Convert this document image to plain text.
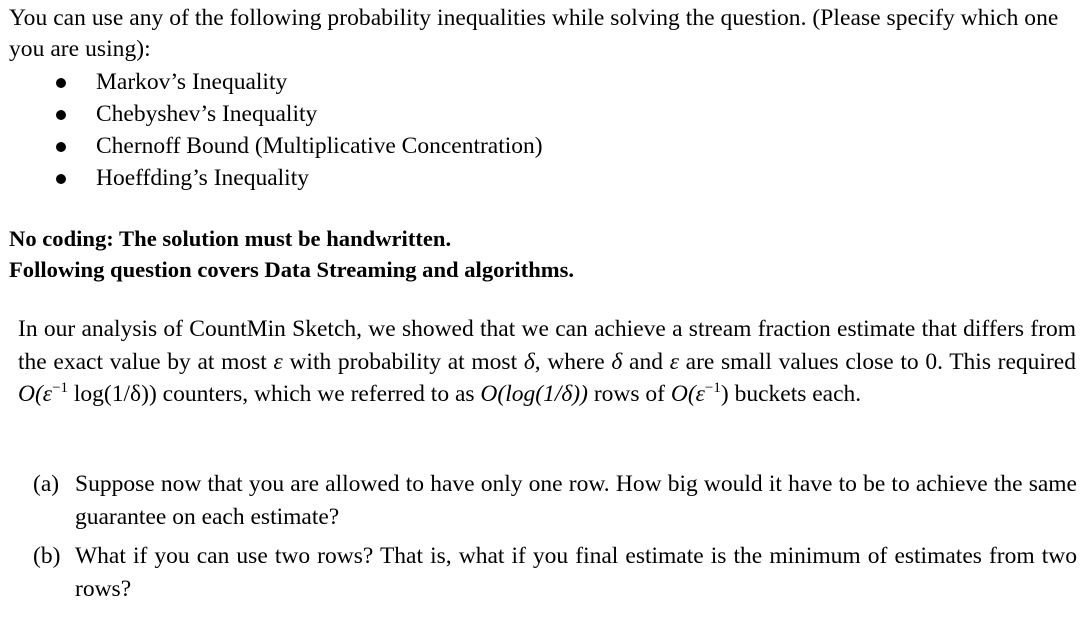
You can use any of the following probability inequalities while solving the question. (Please specify which one you are using):
Markov’s Inequality
Chebyshev’s Inequality
Chernoff Bound (Multiplicative Concentration)
Hoeffding’s Inequality
No coding: The solution must be handwritten.
Following question covers Data Streaming and algorithms.

In our analysis of CountMin Sketch, we showed that we can achieve a stream fraction estimate that differs from the exact value by at most ε with probability at most δ, where δ and ε are small values close to 0. This required $O(\varepsilon^{-1}$ log(1/δ)) counters, which we referred to as O(log(1/δ)) rows of $O(\varepsilon^{-1})$ buckets each.

(a) Suppose now that you are allowed to have only one row. How big would it have to be to achieve the same guarantee on each estimate?
(b) What if you can use two rows? That is, what if you final estimate is the minimum of estimates from two rows?
